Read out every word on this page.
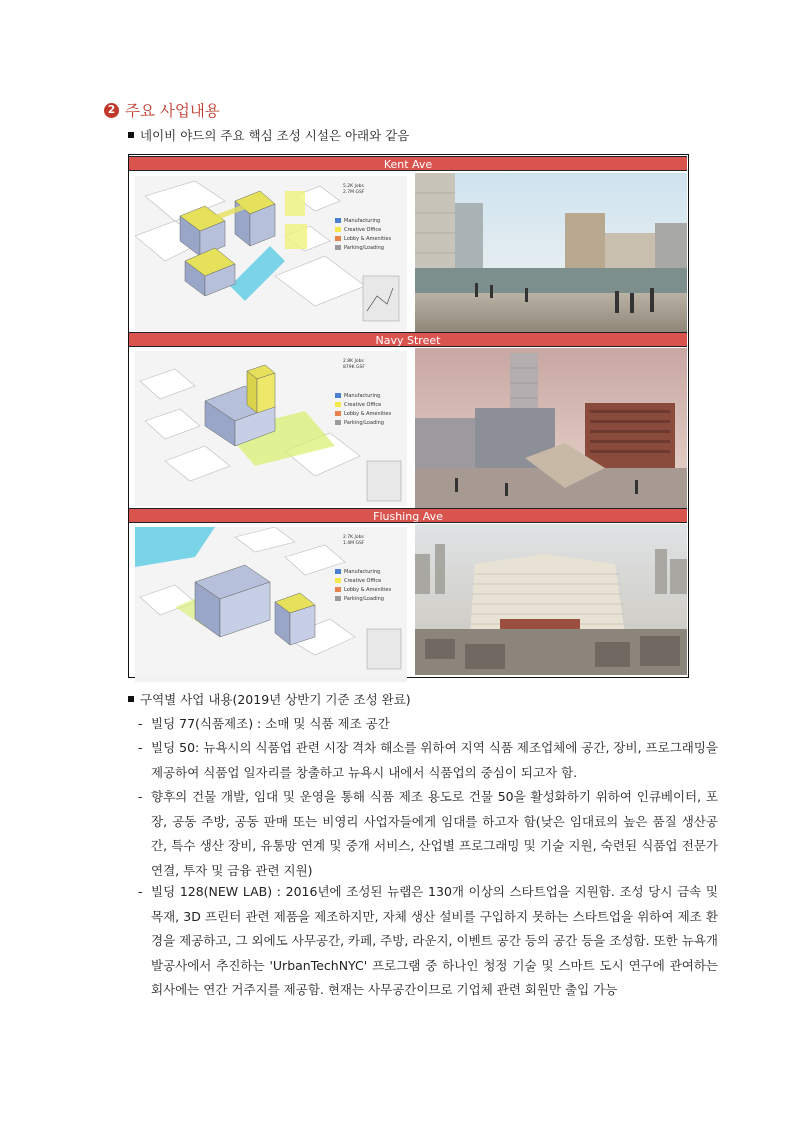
2 주요 사업내용
네이비 야드의 주요 핵심 조성 시설은 아래와 같음
Kent Ave
5.2K Jobs
2.7M GSF
Manufacturing
Creative Office
Lobby & Amenities
Parking/Loading
Navy Street
2.8K Jobs
879K GSF
Manufacturing
Creative Office
Lobby & Amenities
Parking/Loading
Flushing Ave
2.7K Jobs
1.4M GSF
Manufacturing
Creative Office
Lobby & Amenities
Parking/Loading
구역별 사업 내용(2019년 상반기 기준 조성 완료)
- 빌딩 77(식품제조) : 소매 및 식품 제조 공간
- 빌딩 50: 뉴욕시의 식품업 관련 시장 격차 해소를 위하여 지역 식품 제조업체에 공간, 장비, 프로그래밍을 제공하여 식품업 일자리를 창출하고 뉴욕시 내에서 식품업의 중심이 되고자 함.
- 향후의 건물 개발, 임대 및 운영을 통해 식품 제조 용도로 건물 50을 활성화하기 위하여 인큐베이터, 포장, 공동 주방, 공동 판매 또는 비영리 사업자들에게 임대를 하고자 함(낮은 임대료의 높은 품질 생산공간, 특수 생산 장비, 유통망 연계 및 중개 서비스, 산업별 프로그래밍 및 기술 지원, 숙련된 식품업 전문가 연결, 투자 및 금융 관련 지원)
- 빌딩 128(NEW LAB) : 2016년에 조성된 뉴랩은 130개 이상의 스타트업을 지원함. 조성 당시 금속 및 목재, 3D 프린터 관련 제품을 제조하지만, 자체 생산 설비를 구입하지 못하는 스타트업을 위하여 제조 환경을 제공하고, 그 외에도 사무공간, 카페, 주방, 라운지, 이벤트 공간 등의 공간 등을 조성함. 또한 뉴욕개발공사에서 추진하는 'UrbanTechNYC' 프로그램 중 하나인 청정 기술 및 스마트 도시 연구에 관여하는 회사에는 연간 거주지를 제공함. 현재는 사무공간이므로 기업체 관련 회원만 출입 가능
